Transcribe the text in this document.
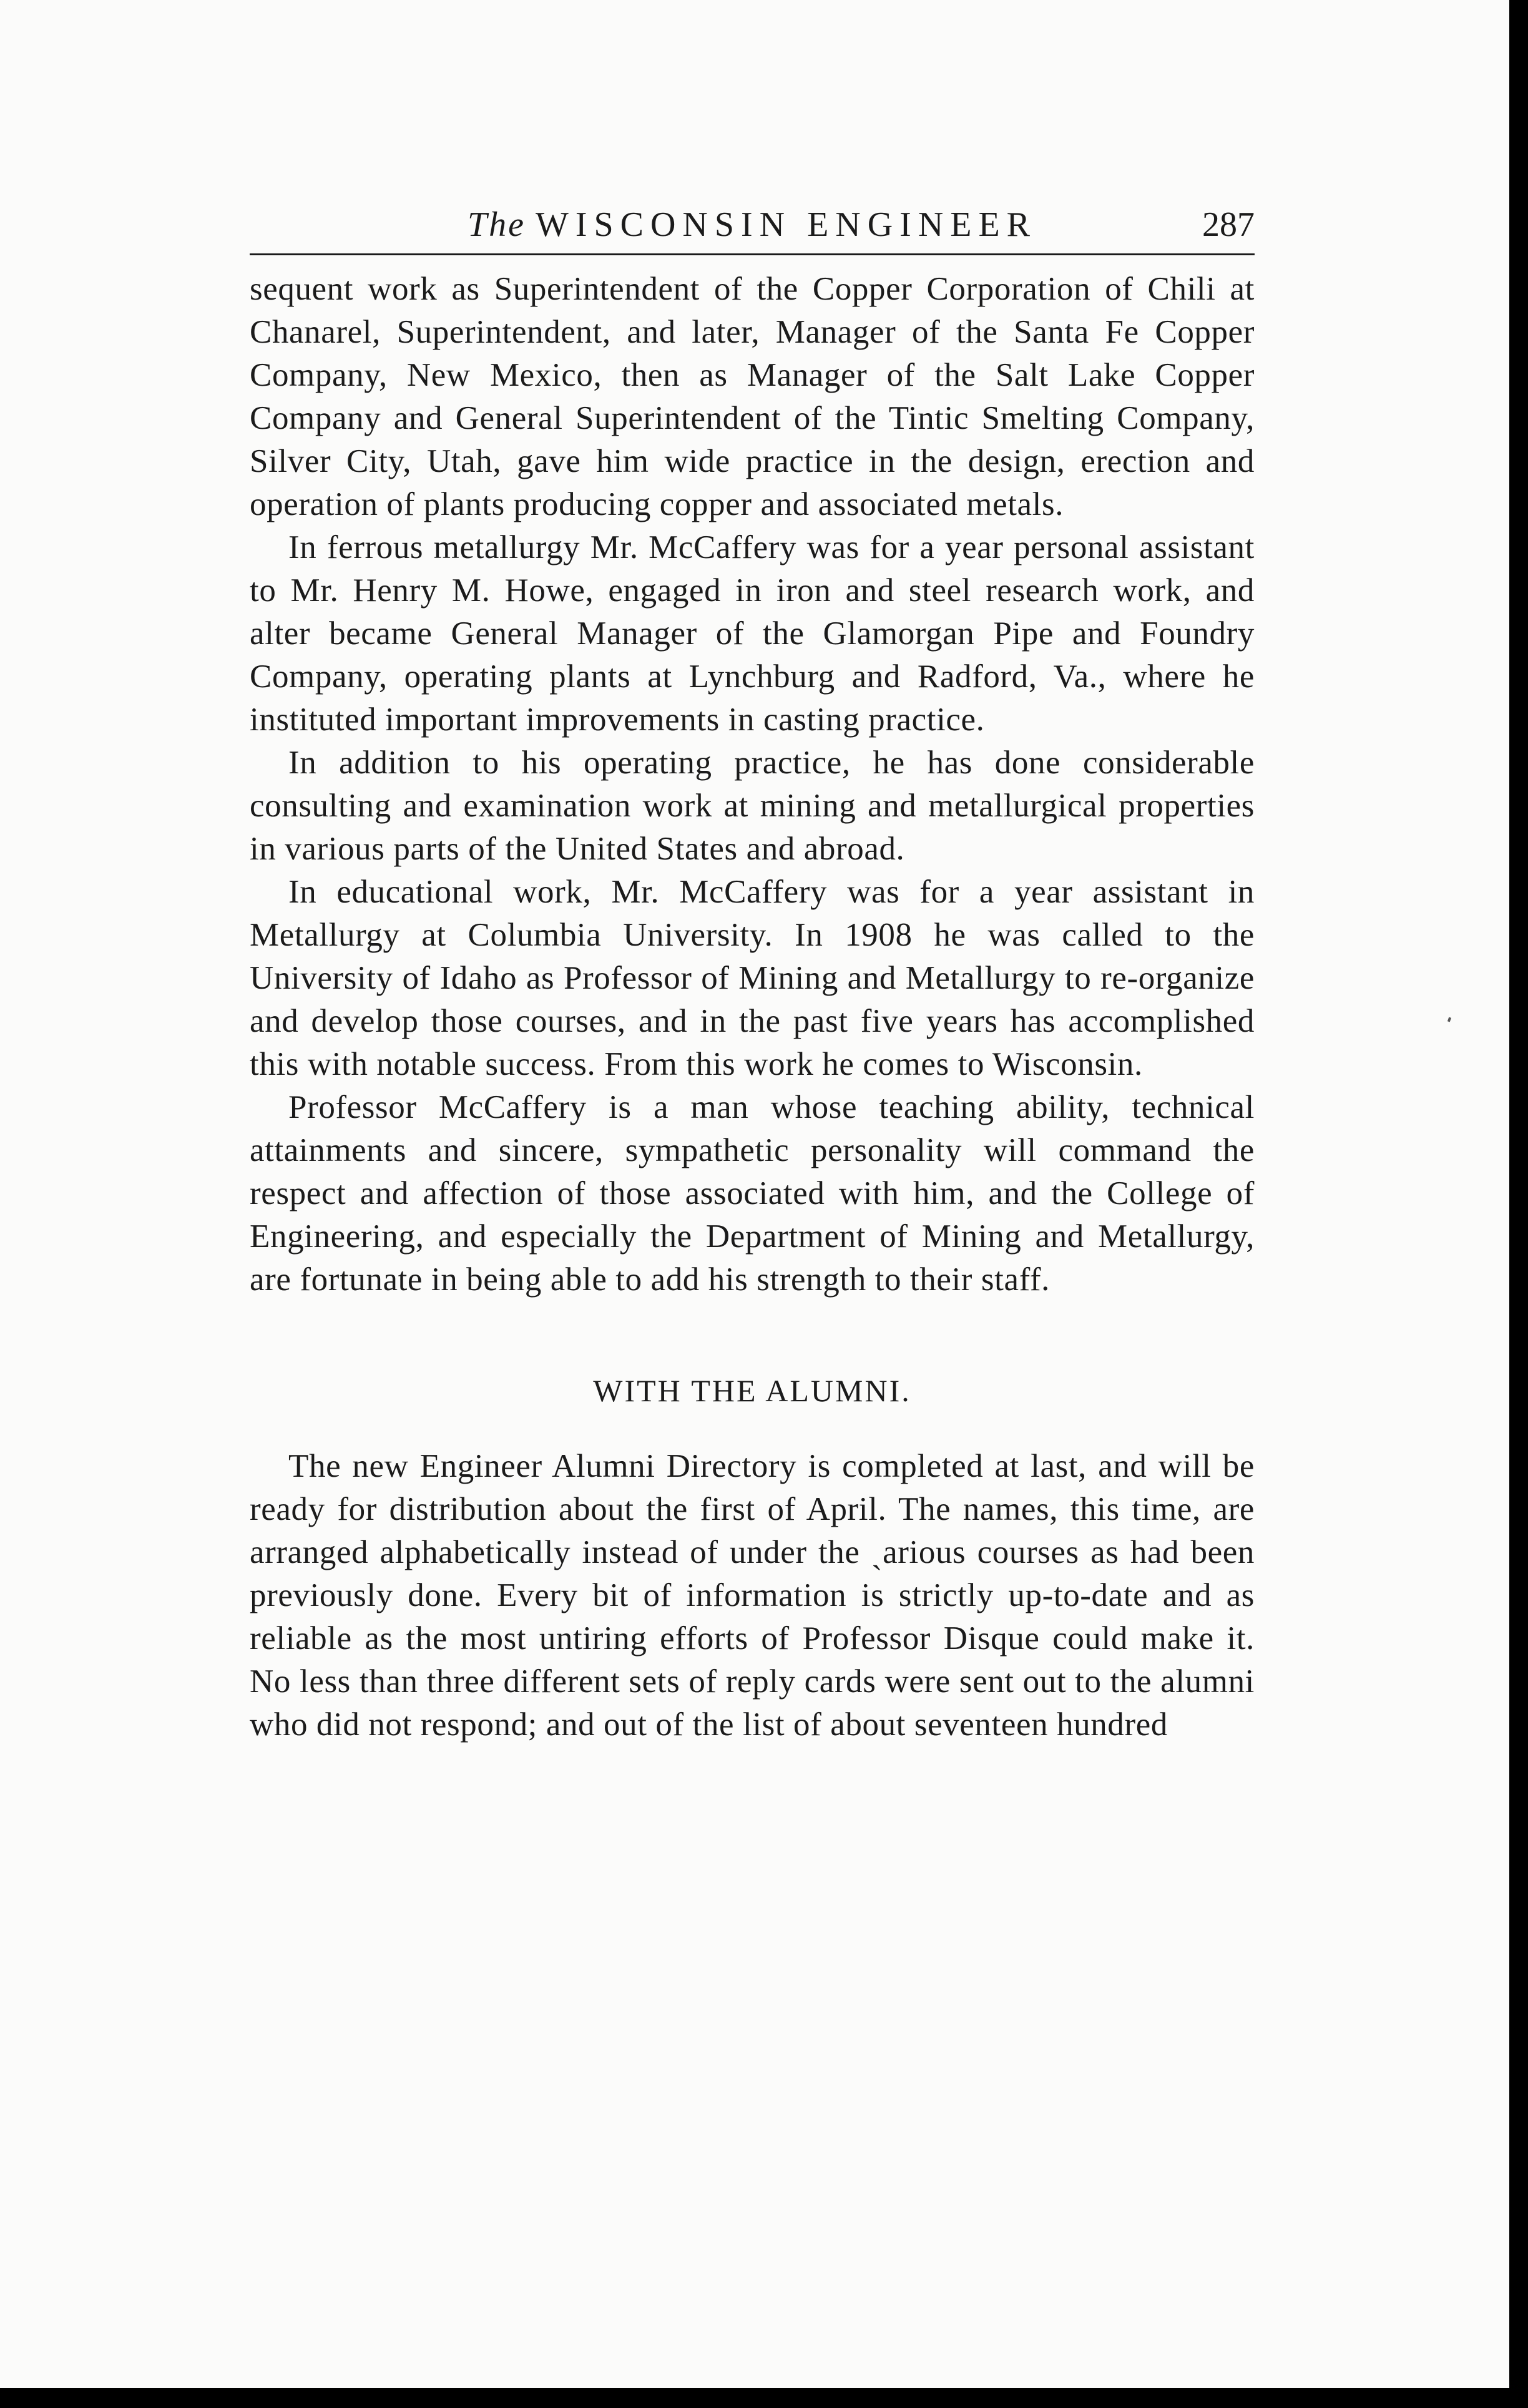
The WISCONSIN ENGINEER	287

sequent work as Superintendent of the Copper Corporation of Chili at Chanarel, Superintendent, and later, Manager of the Santa Fe Copper Company, New Mexico, then as Manager of the Salt Lake Copper Company and General Superintendent of the Tintic Smelting Company, Silver City, Utah, gave him wide practice in the design, erection and operation of plants producing copper and associated metals.

In ferrous metallurgy Mr. McCaffery was for a year personal assistant to Mr. Henry M. Howe, engaged in iron and steel research work, and alter became General Manager of the Glamorgan Pipe and Foundry Company, operating plants at Lynchburg and Radford, Va., where he instituted important improvements in casting practice.

In addition to his operating practice, he has done considerable consulting and examination work at mining and metallurgical properties in various parts of the United States and abroad.

In educational work, Mr. McCaffery was for a year assistant in Metallurgy at Columbia University. In 1908 he was called to the University of Idaho as Professor of Mining and Metallurgy to re-organize and develop those courses, and in the past five years has accomplished this with notable success. From this work he comes to Wisconsin.

Professor McCaffery is a man whose teaching ability, technical attainments and sincere, sympathetic personality will command the respect and affection of those associated with him, and the College of Engineering, and especially the Department of Mining and Metallurgy, are fortunate in being able to add his strength to their staff.

WITH THE ALUMNI.

The new Engineer Alumni Directory is completed at last, and will be ready for distribution about the first of April. The names, this time, are arranged alphabetically instead of under the ˎarious courses as had been previously done. Every bit of information is strictly up-to-date and as reliable as the most untiring efforts of Professor Disque could make it. No less than three different sets of reply cards were sent out to the alumni who did not respond; and out of the list of about seventeen hundred
